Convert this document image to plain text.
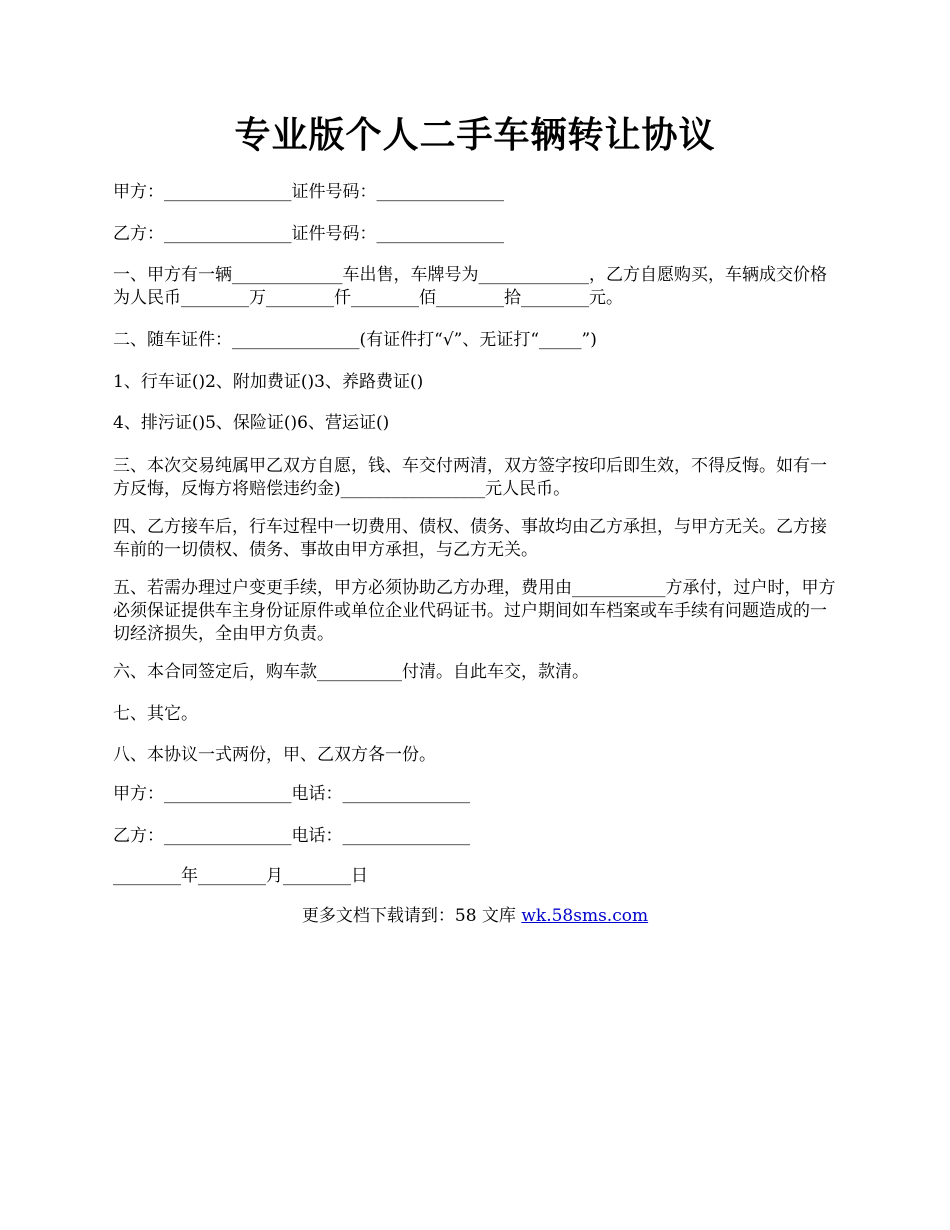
专业版个人二手车辆转让协议
甲方：_______________证件号码：_______________
乙方：_______________证件号码：_______________
一、甲方有一辆_____________车出售，车牌号为_____________，乙方自愿购买，车辆成交价格为人民币________万________仟________佰________拾________元。
二、随车证件：_______________(有证件打“√”、无证打“_____”)
1、行车证()2、附加费证()3、养路费证()
4、排污证()5、保险证()6、营运证()
三、本次交易纯属甲乙双方自愿，钱、车交付两清，双方签字按印后即生效，不得反悔。如有一方反悔，反悔方将赔偿违约金)_________________元人民币。
四、乙方接车后，行车过程中一切费用、债权、债务、事故均由乙方承担，与甲方无关。乙方接车前的一切债权、债务、事故由甲方承担，与乙方无关。
五、若需办理过户变更手续，甲方必须协助乙方办理，费用由___________方承付，过户时，甲方必须保证提供车主身份证原件或单位企业代码证书。过户期间如车档案或车手续有问题造成的一切经济损失，全由甲方负责。
六、本合同签定后，购车款__________付清。自此车交，款清。
七、其它。
八、本协议一式两份，甲、乙双方各一份。
甲方：_______________电话：_______________
乙方：_______________电话：_______________
________年________月________日
更多文档下载请到：58 文库 wk.58sms.com
